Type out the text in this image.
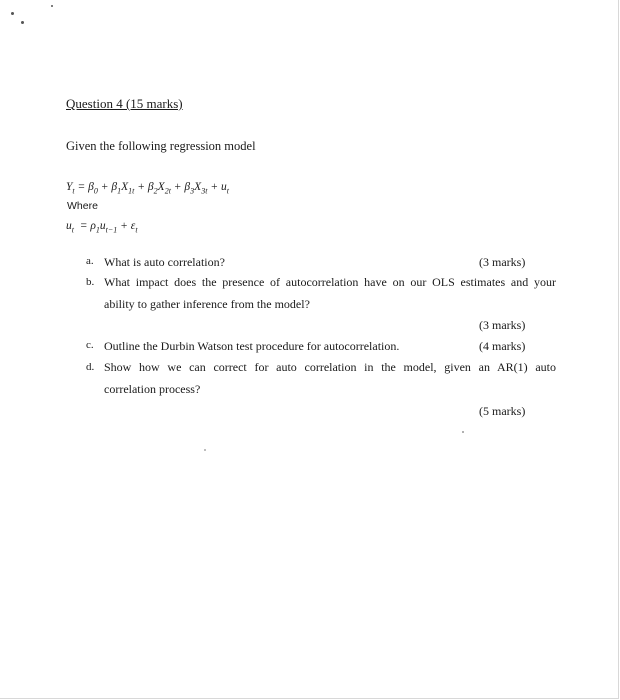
Question 4 (15 marks)
Given the following regression model
$Y_t = \beta_0 + \beta_1X_{1t} + \beta_2X_{2t} + \beta_3X_{3t} + u_t$
Where
$u_t = \rho_1u_{t-1} + \varepsilon_t$
a. What is auto correlation?	(3 marks)
b. What impact does the presence of autocorrelation have on our OLS estimates and your
ability to gather inference from the model?
(3 marks)
c. Outline the Durbin Watson test procedure for autocorrelation.	(4 marks)
d. Show how we can correct for auto correlation in the model, given an AR(1) auto
correlation process?
(5 marks)
